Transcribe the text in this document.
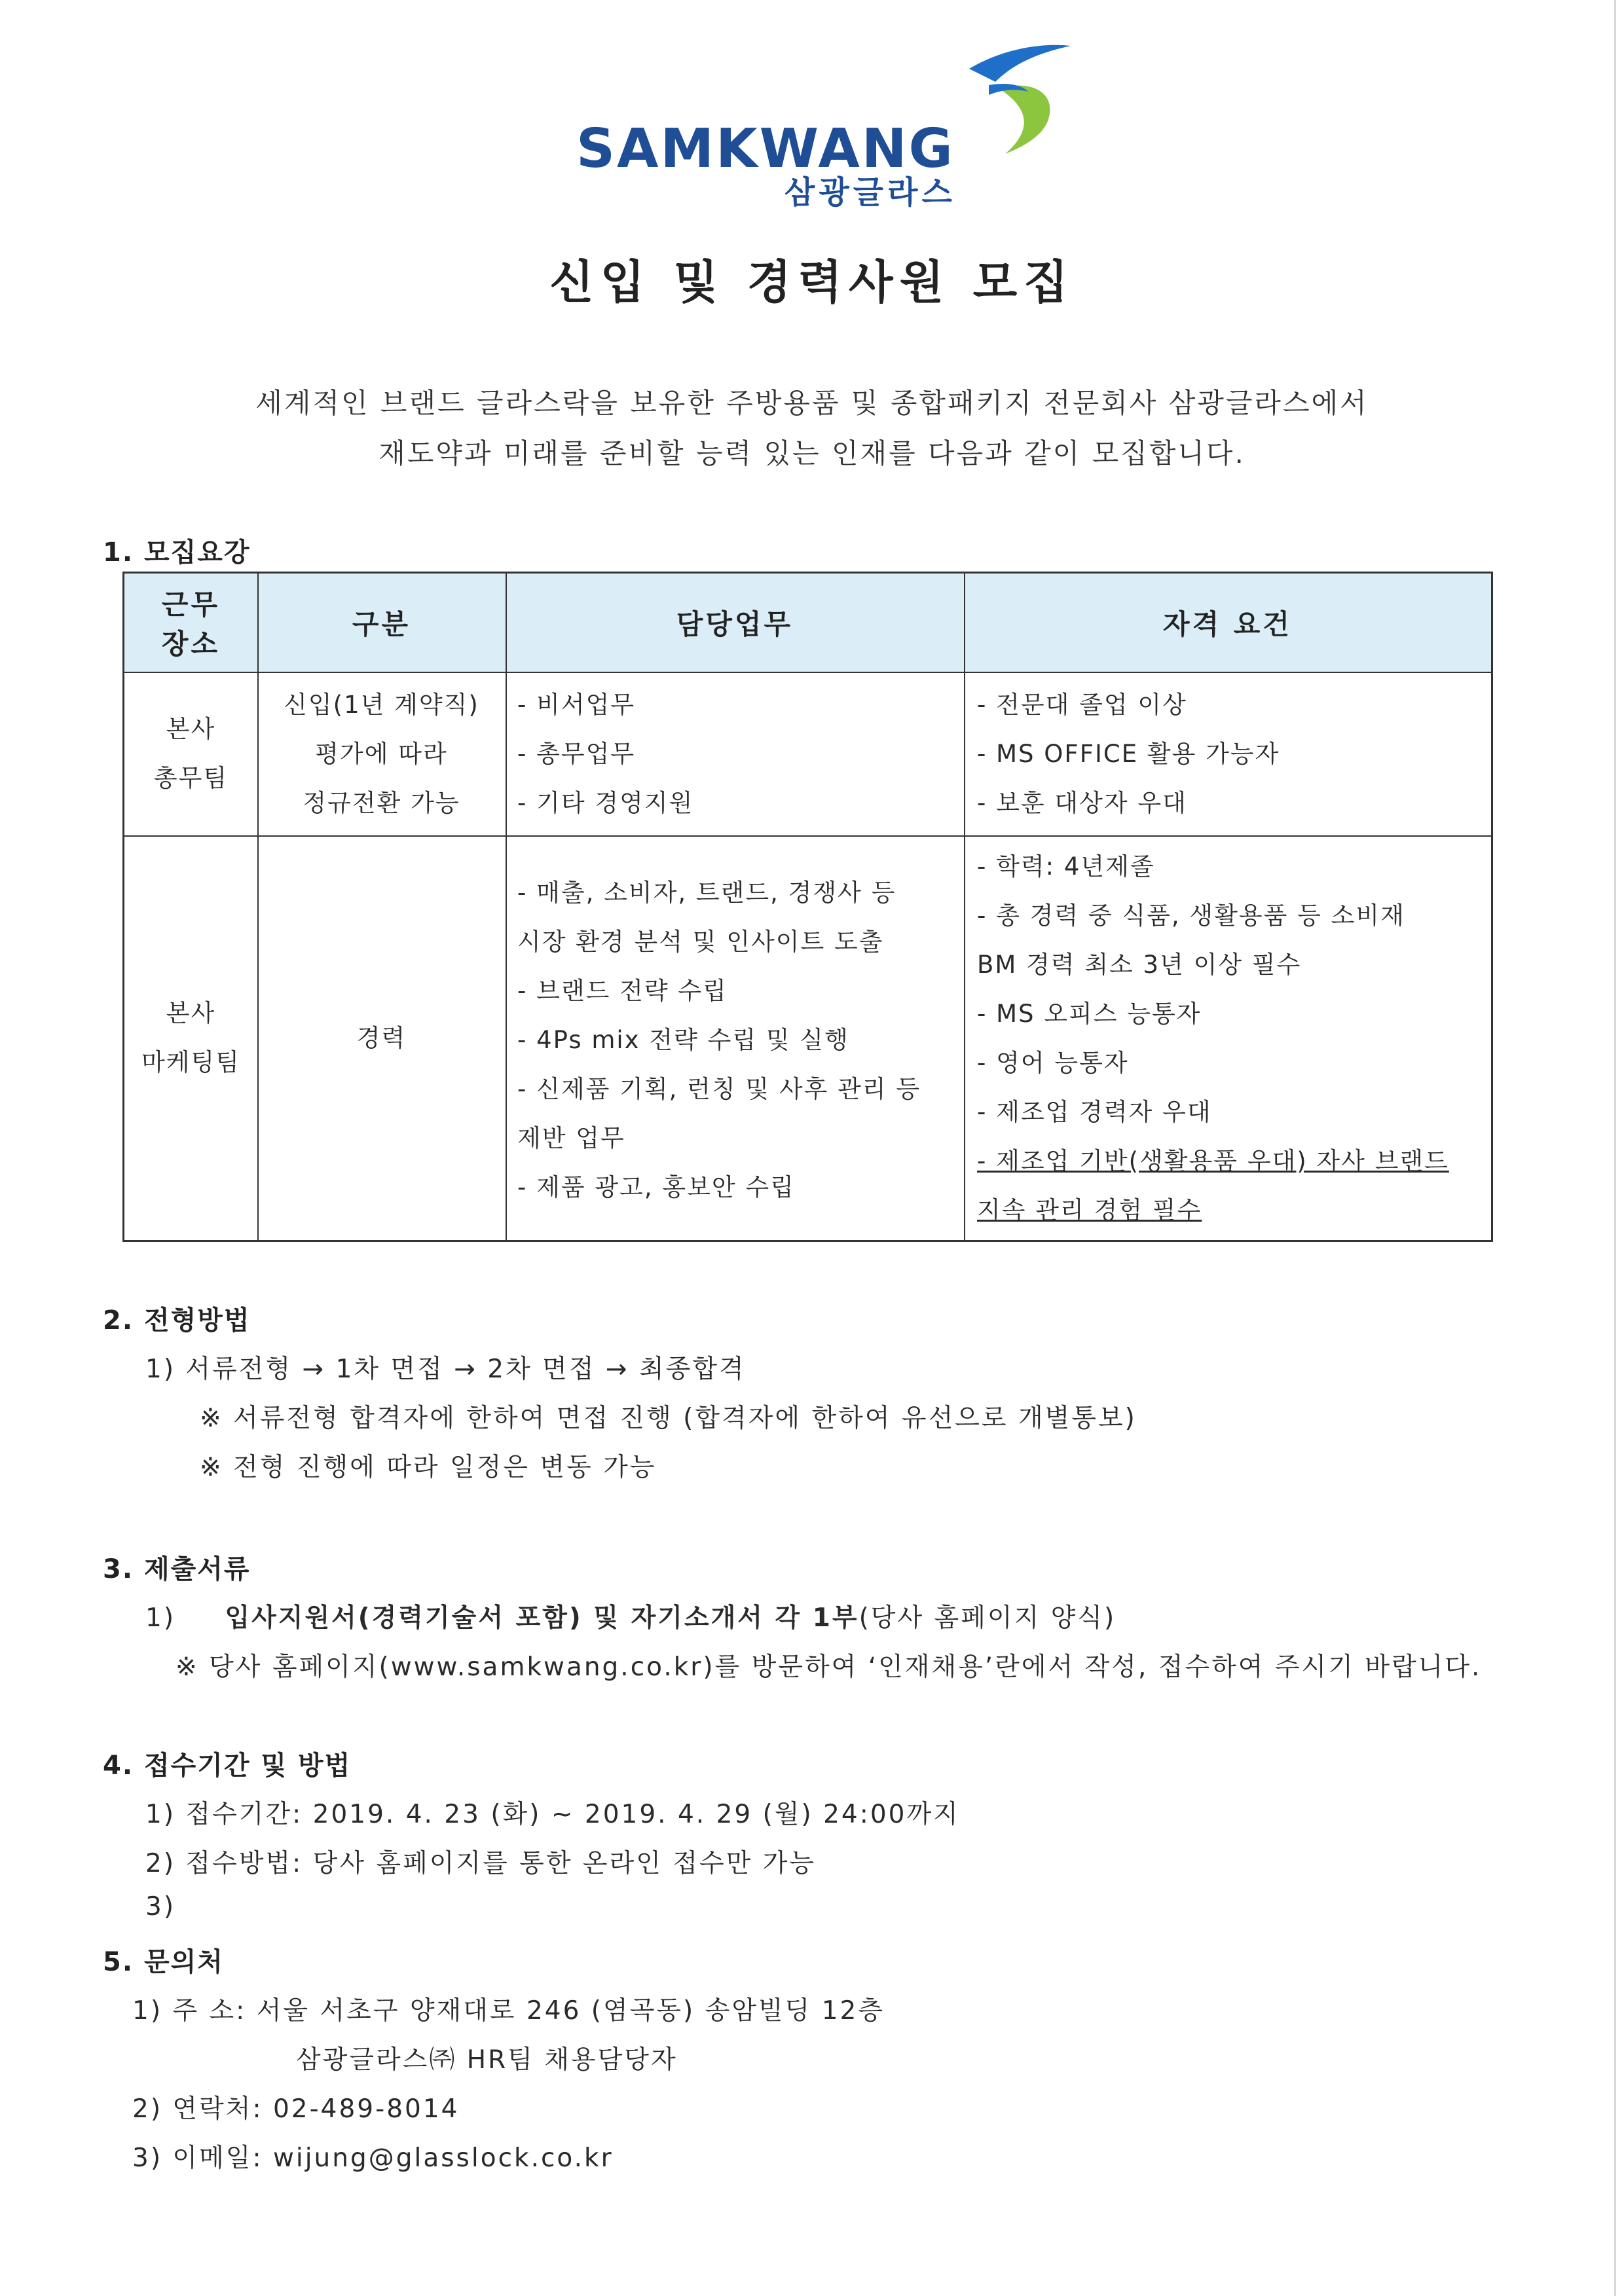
SAMKWANG
삼광글라스
신입 및 경력사원 모집
세계적인 브랜드 글라스락을 보유한 주방용품 및 종합패키지 전문회사 삼광글라스에서
재도약과 미래를 준비할 능력 있는 인재를 다음과 같이 모집합니다.
1. 모집요강
근무
장소
구분	담당업무	자격 요건
본사
총무팀
신입(1년 계약직)
평가에 따라
정규전환 가능
- 비서업무
- 총무업무
- 기타 경영지원
- 전문대 졸업 이상
- MS OFFICE 활용 가능자
- 보훈 대상자 우대
본사
마케팅팀
경력
- 매출, 소비자, 트랜드, 경쟁사 등
시장 환경 분석 및 인사이트 도출
- 브랜드 전략 수립
- 4Ps mix 전략 수립 및 실행
- 신제품 기획, 런칭 및 사후 관리 등
제반 업무
- 제품 광고, 홍보안 수립
- 학력: 4년제졸
- 총 경력 중 식품, 생활용품 등 소비재
BM 경력 최소 3년 이상 필수
- MS 오피스 능통자
- 영어 능통자
- 제조업 경력자 우대
- 제조업 기반(생활용품 우대) 자사 브랜드
지속 관리 경험 필수
2. 전형방법
1) 서류전형 → 1차 면접 → 2차 면접 → 최종합격
※ 서류전형 합격자에 한하여 면접 진행 (합격자에 한하여 유선으로 개별통보)
※ 전형 진행에 따라 일정은 변동 가능
3. 제출서류
1) 입사지원서(경력기술서 포함) 및 자기소개서 각 1부(당사 홈페이지 양식)
※ 당사 홈페이지(www.samkwang.co.kr)를 방문하여 ‘인재채용’란에서 작성, 접수하여 주시기 바랍니다.
4. 접수기간 및 방법
1) 접수기간: 2019. 4. 23 (화) ~ 2019. 4. 29 (월) 24:00까지
2) 접수방법: 당사 홈페이지를 통한 온라인 접수만 가능
3)
5. 문의처
1) 주 소: 서울 서초구 양재대로 246 (염곡동) 송암빌딩 12층
삼광글라스㈜ HR팀 채용담당자
2) 연락처: 02-489-8014
3) 이메일: wijung@glasslock.co.kr
